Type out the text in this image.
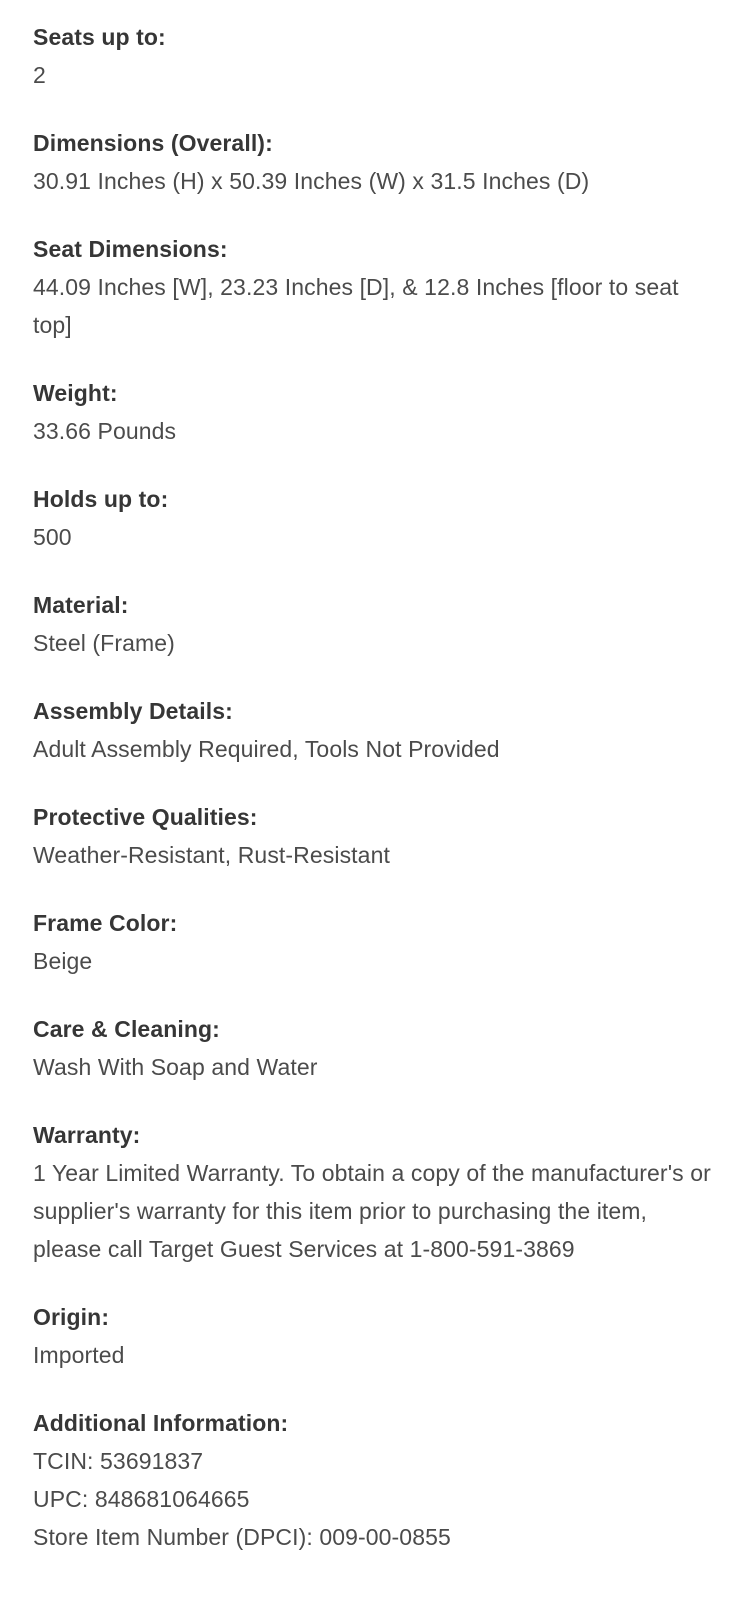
Seats up to:

2

Dimensions (Overall):

30.91 Inches (H) x 50.39 Inches (W) x 31.5 Inches (D)

Seat Dimensions:

44.09 Inches [W], 23.23 Inches [D], & 12.8 Inches [floor to seat top]

Weight:

33.66 Pounds

Holds up to:

500

Material:

Steel (Frame)

Assembly Details:

Adult Assembly Required, Tools Not Provided

Protective Qualities:

Weather-Resistant, Rust-Resistant

Frame Color:

Beige

Care & Cleaning:

Wash With Soap and Water

Warranty:

1 Year Limited Warranty. To obtain a copy of the manufacturer's or supplier's warranty for this item prior to purchasing the item, please call Target Guest Services at 1-800-591-3869

Origin:

Imported

Additional Information:

TCIN: 53691837

UPC: 848681064665

Store Item Number (DPCI): 009-00-0855
